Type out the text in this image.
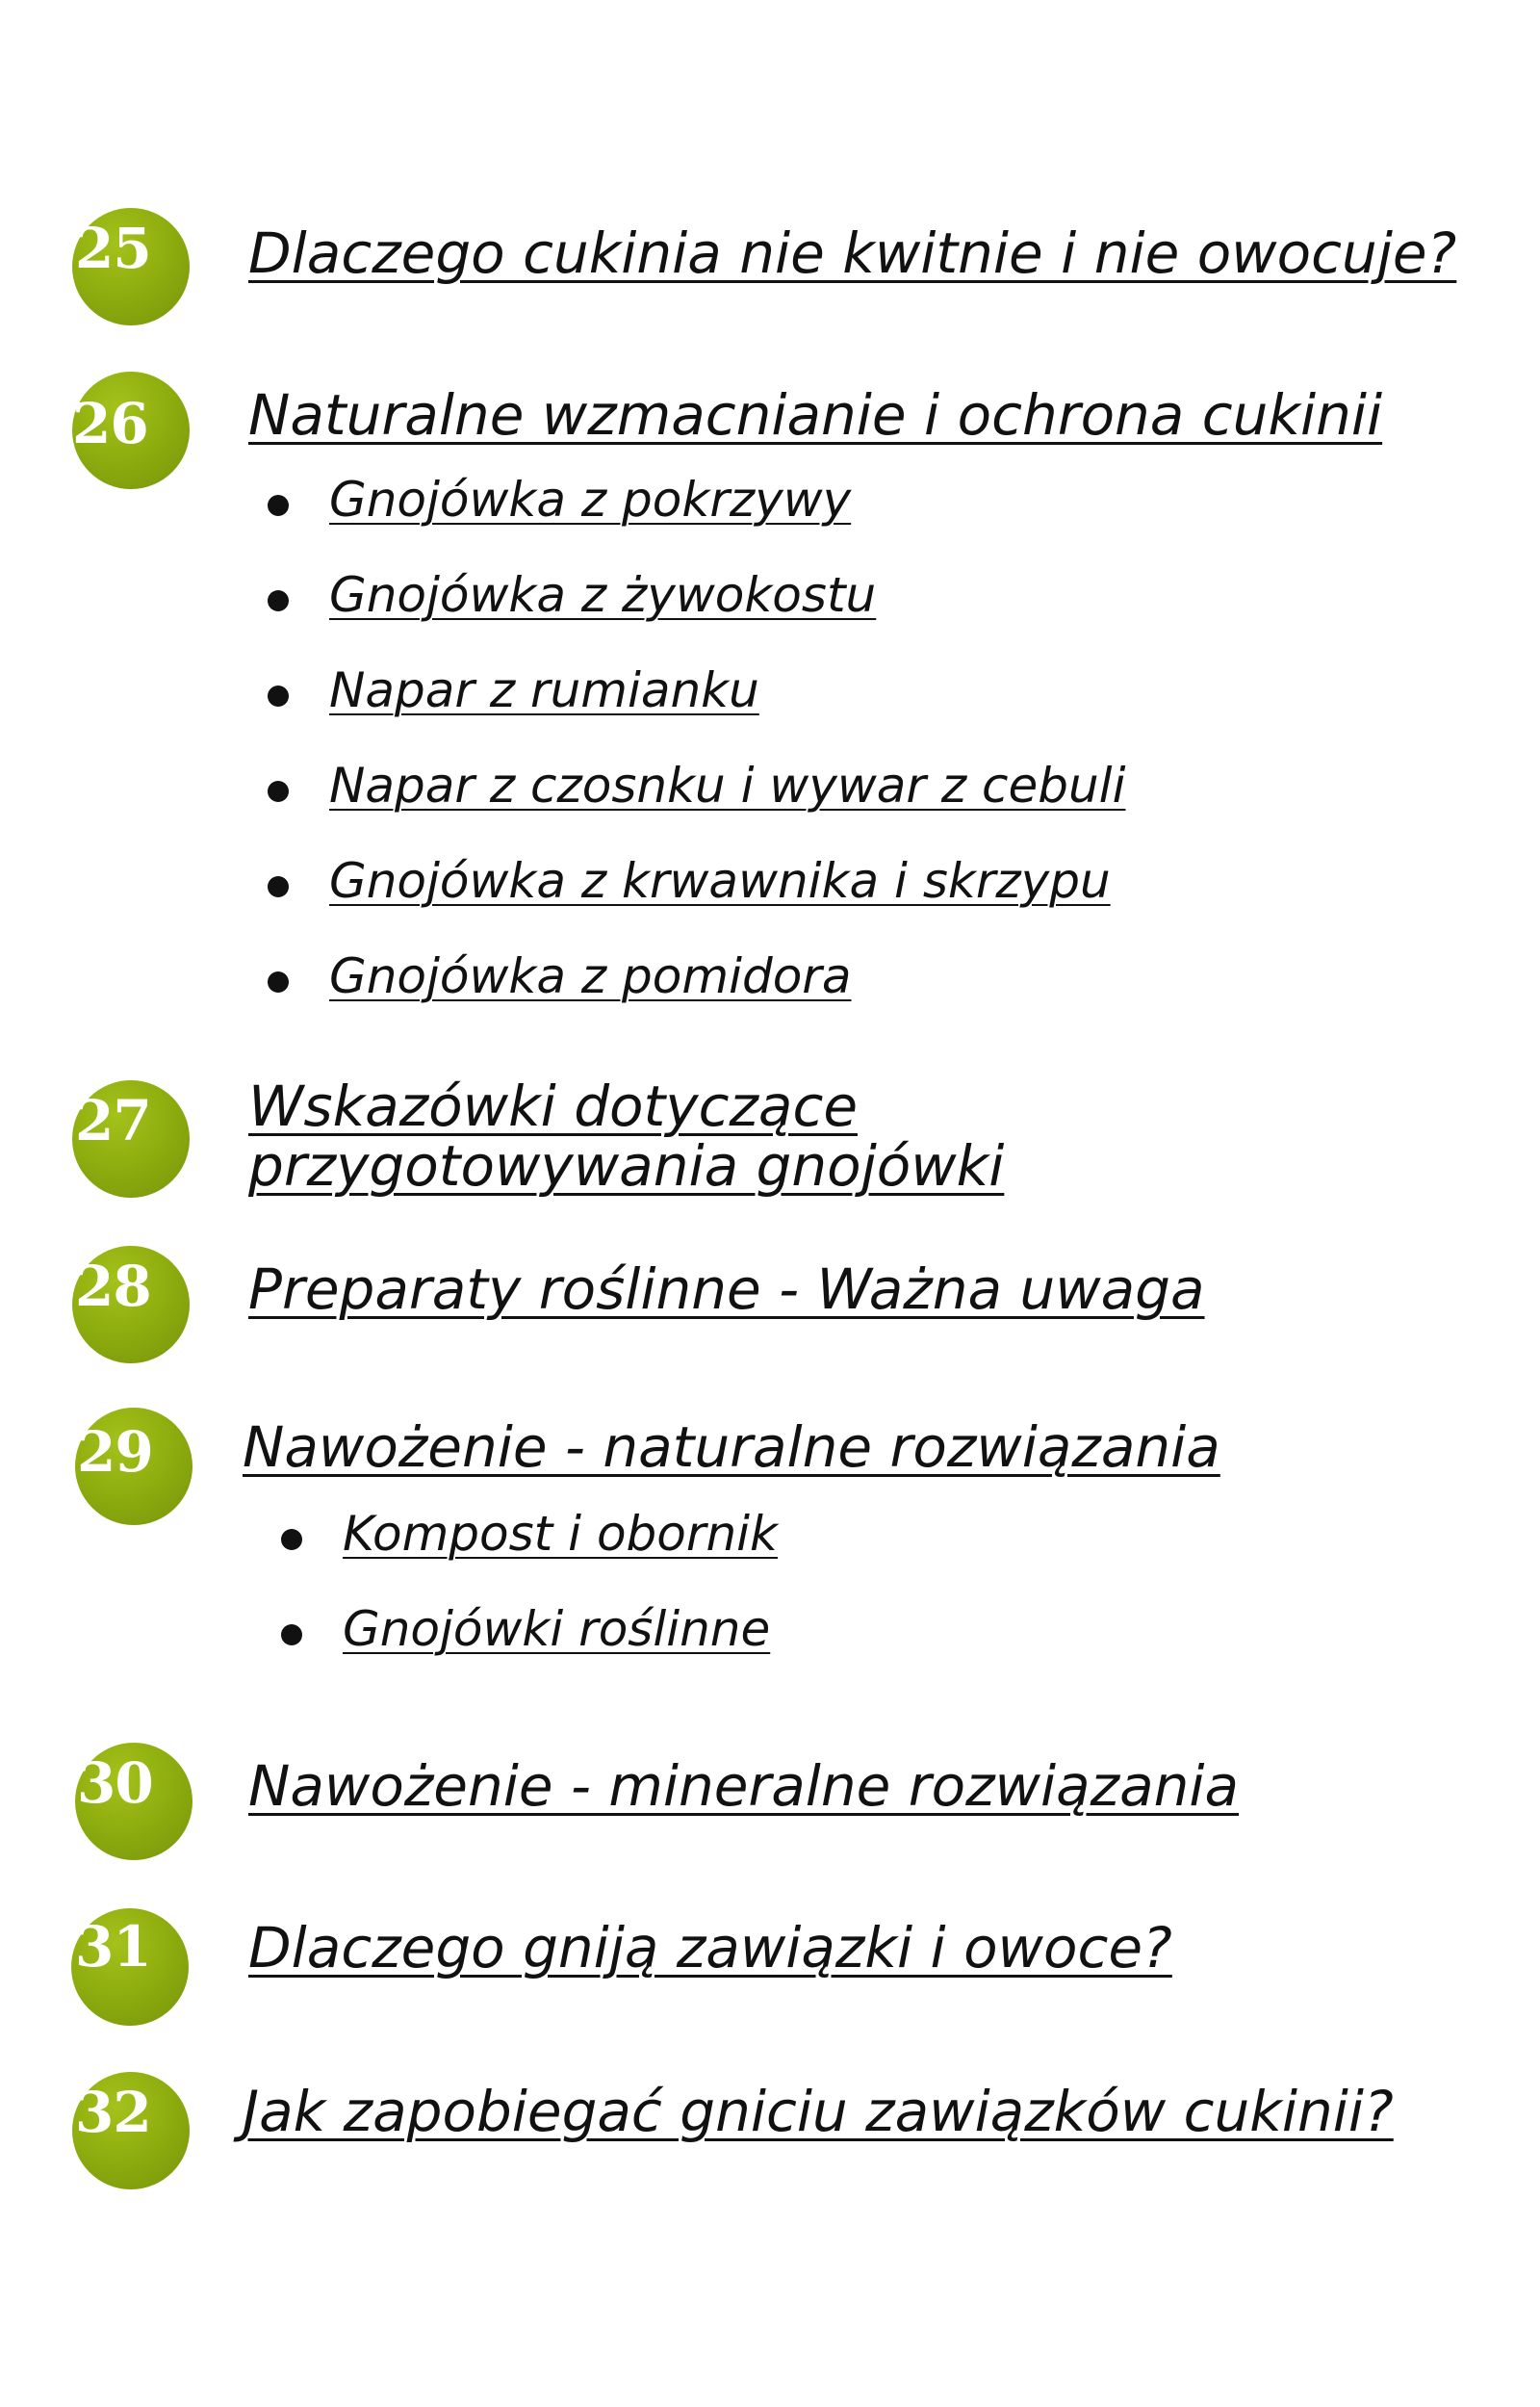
25 Dlaczego cukinia nie kwitnie i nie owocuje?
26 Naturalne wzmacnianie i ochrona cukinii
Gnojówka z pokrzywy
Gnojówka z żywokostu
Napar z rumianku
Napar z czosnku i wywar z cebuli
Gnojówka z krwawnika i skrzypu
Gnojówka z pomidora
27 Wskazówki dotyczące przygotowywania gnojówki
28 Preparaty roślinne - Ważna uwaga
29 Nawożenie - naturalne rozwiązania
Kompost i obornik
Gnojówki roślinne
30 Nawożenie - mineralne rozwiązania
31 Dlaczego gniją zawiązki i owoce?
32 Jak zapobiegać gniciu zawiązków cukinii?
